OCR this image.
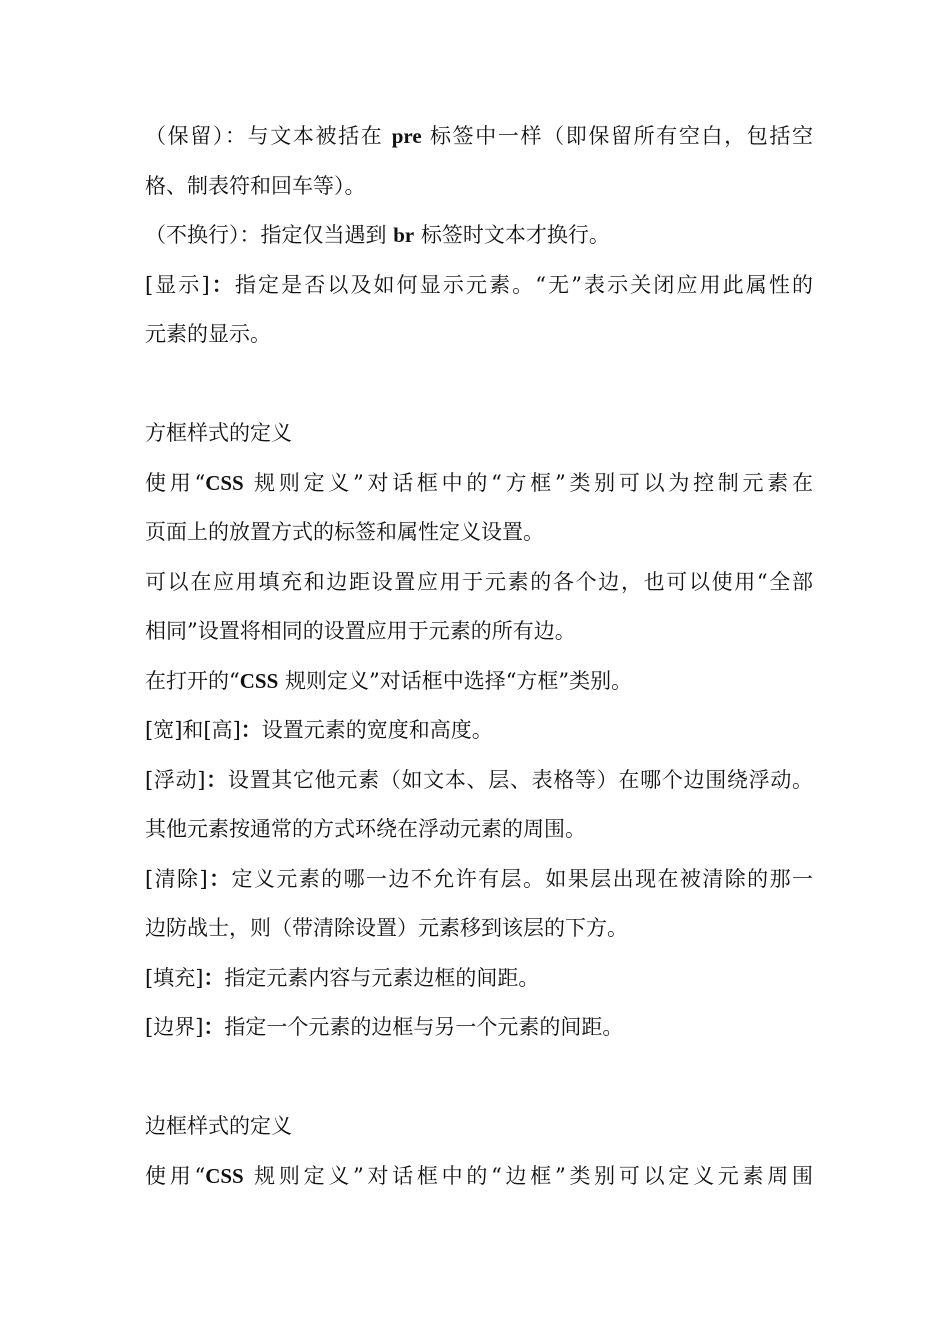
（保留）：与文本被括在 pre 标签中一样（即保留所有空白，包括空
格、制表符和回车等）。
（不换行）：指定仅当遇到 br 标签时文本才换行。
[显示]：指定是否以及如何显示元素。“无”表示关闭应用此属性的
元素的显示。
方框样式的定义
使用“CSS 规则定义”对话框中的“方框”类别可以为控制元素在
页面上的放置方式的标签和属性定义设置。
可以在应用填充和边距设置应用于元素的各个边，也可以使用“全部
相同”设置将相同的设置应用于元素的所有边。
在打开的“CSS 规则定义”对话框中选择“方框”类别。
[宽]和[高]：设置元素的宽度和高度。
[浮动]：设置其它他元素（如文本、层、表格等）在哪个边围绕浮动。
其他元素按通常的方式环绕在浮动元素的周围。
[清除]：定义元素的哪一边不允许有层。如果层出现在被清除的那一
边防战士，则（带清除设置）元素移到该层的下方。
[填充]：指定元素内容与元素边框的间距。
[边界]：指定一个元素的边框与另一个元素的间距。
边框样式的定义
使用“CSS 规则定义”对话框中的“边框”类别可以定义元素周围
